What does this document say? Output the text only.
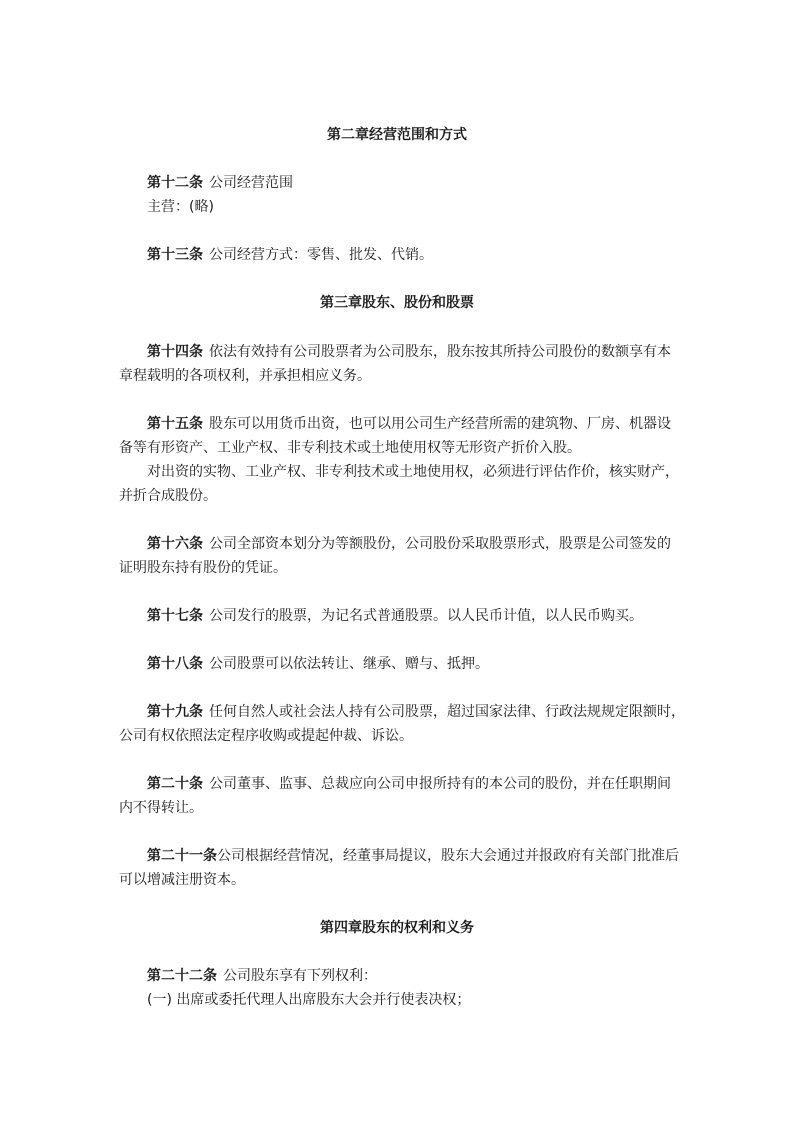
第二章经营范围和方式

第十二条 公司经营范围

主营：(略)

第十三条 公司经营方式：零售、批发、代销。

第三章股东、股份和股票

第十四条 依法有效持有公司股票者为公司股东，股东按其所持公司股份的数额享有本

章程载明的各项权利，并承担相应义务。

第十五条 股东可以用货币出资，也可以用公司生产经营所需的建筑物、厂房、机器设

备等有形资产、工业产权、非专利技术或土地使用权等无形资产折价入股。

对出资的实物、工业产权、非专利技术或土地使用权，必须进行评估作价，核实财产，

并折合成股份。

第十六条 公司全部资本划分为等额股份，公司股份采取股票形式，股票是公司签发的

证明股东持有股份的凭证。

第十七条 公司发行的股票，为记名式普通股票。以人民币计值，以人民币购买。

第十八条 公司股票可以依法转让、继承、赠与、抵押。

第十九条 任何自然人或社会法人持有公司股票，超过国家法律、行政法规规定限额时，

公司有权依照法定程序收购或提起仲裁、诉讼。

第二十条 公司董事、监事、总裁应向公司申报所持有的本公司的股份，并在任职期间

内不得转让。

第二十一条公司根据经营情况，经董事局提议，股东大会通过并报政府有关部门批准后

可以增减注册资本。

第四章股东的权利和义务

第二十二条 公司股东享有下列权利：

(一) 出席或委托代理人出席股东大会并行使表决权；
